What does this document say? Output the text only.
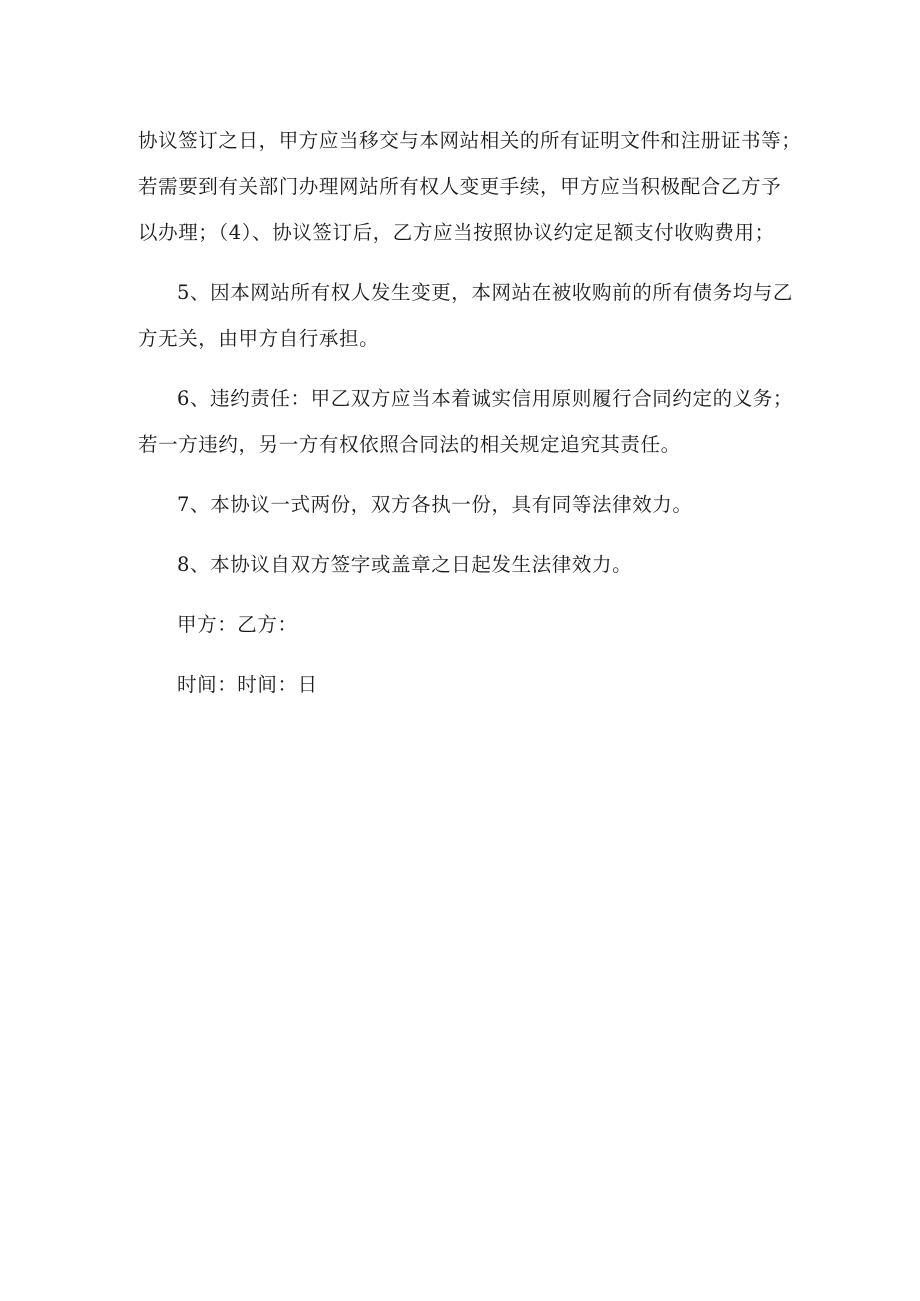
协议签订之日，甲方应当移交与本网站相关的所有证明文件和注册证书等；
若需要到有关部门办理网站所有权人变更手续，甲方应当积极配合乙方予
以办理；（4）、协议签订后，乙方应当按照协议约定足额支付收购费用；

5、因本网站所有权人发生变更，本网站在被收购前的所有债务均与乙
方无关，由甲方自行承担。

6、违约责任：甲乙双方应当本着诚实信用原则履行合同约定的义务；
若一方违约，另一方有权依照合同法的相关规定追究其责任。

7、本协议一式两份，双方各执一份，具有同等法律效力。

8、本协议自双方签字或盖章之日起发生法律效力。

甲方：乙方：

时间：时间：日
